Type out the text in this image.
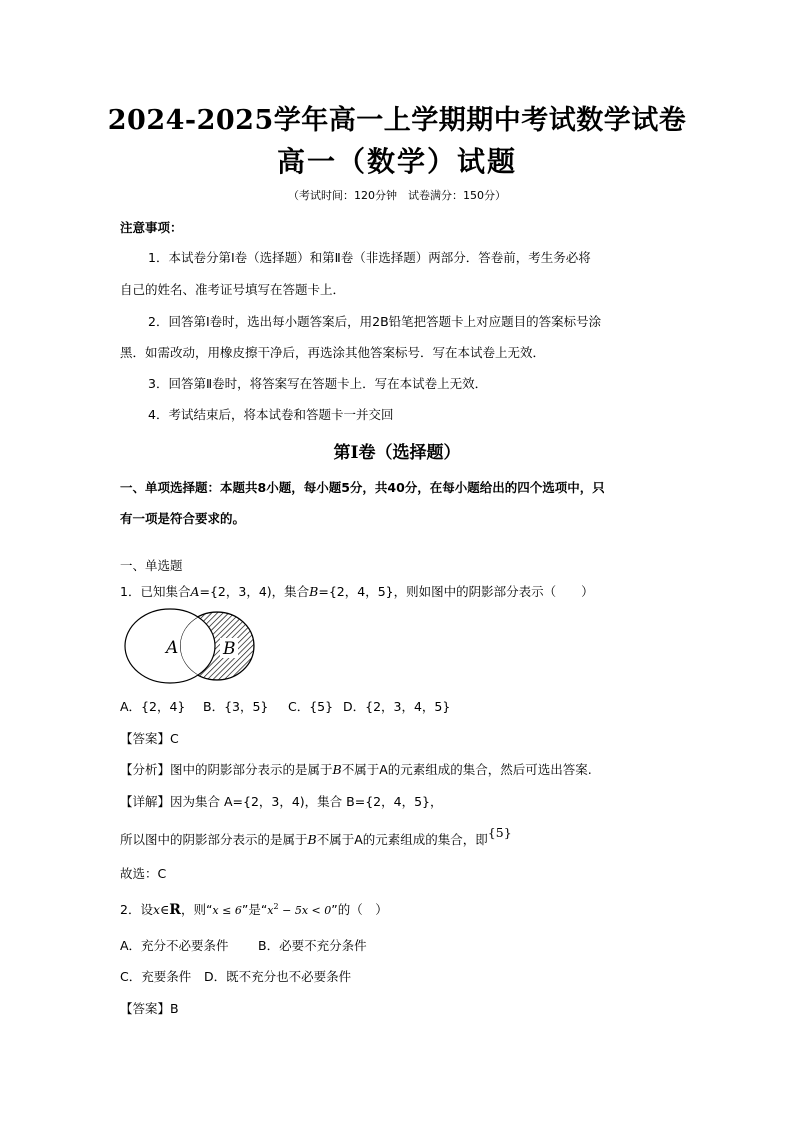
2024-2025学年高一上学期期中考试数学试卷
高一（数学）试题
（考试时间：120分钟　试卷满分：150分）
注意事项：
1．本试卷分第Ⅰ卷（选择题）和第Ⅱ卷（非选择题）两部分．答卷前，考生务必将
自己的姓名、准考证号填写在答题卡上．
2．回答第Ⅰ卷时，选出每小题答案后，用2B铅笔把答题卡上对应题目的答案标号涂
黑．如需改动，用橡皮擦干净后，再选涂其他答案标号．写在本试卷上无效．
3．回答第Ⅱ卷时，将答案写在答题卡上．写在本试卷上无效．
4．考试结束后，将本试卷和答题卡一并交回
第Ⅰ卷（选择题）
一、单项选择题：本题共8小题，每小题5分，共40分，在每小题给出的四个选项中，只
有一项是符合要求的。
一、单选题
1．已知集合A={2，3，4)，集合B={2，4，5}，则如图中的阴影部分表示（　　）
A	B
A．{2，4} B．{3，5} C．{5} D．{2，3，4，5}
【答案】C
【分析】图中的阴影部分表示的是属于B不属于A的元素组成的集合，然后可选出答案.
【详解】因为集合 A={2，3，4)，集合 B={2，4，5}，
所以图中的阴影部分表示的是属于B不属于A的元素组成的集合，即{5}
故选：C
2．设x∈R，则“x ≤ 6”是“$x^2 - 5x < 0$”的（　）
A．充分不必要条件 B．必要不充分条件
C．充要条件 D．既不充分也不必要条件
【答案】B
